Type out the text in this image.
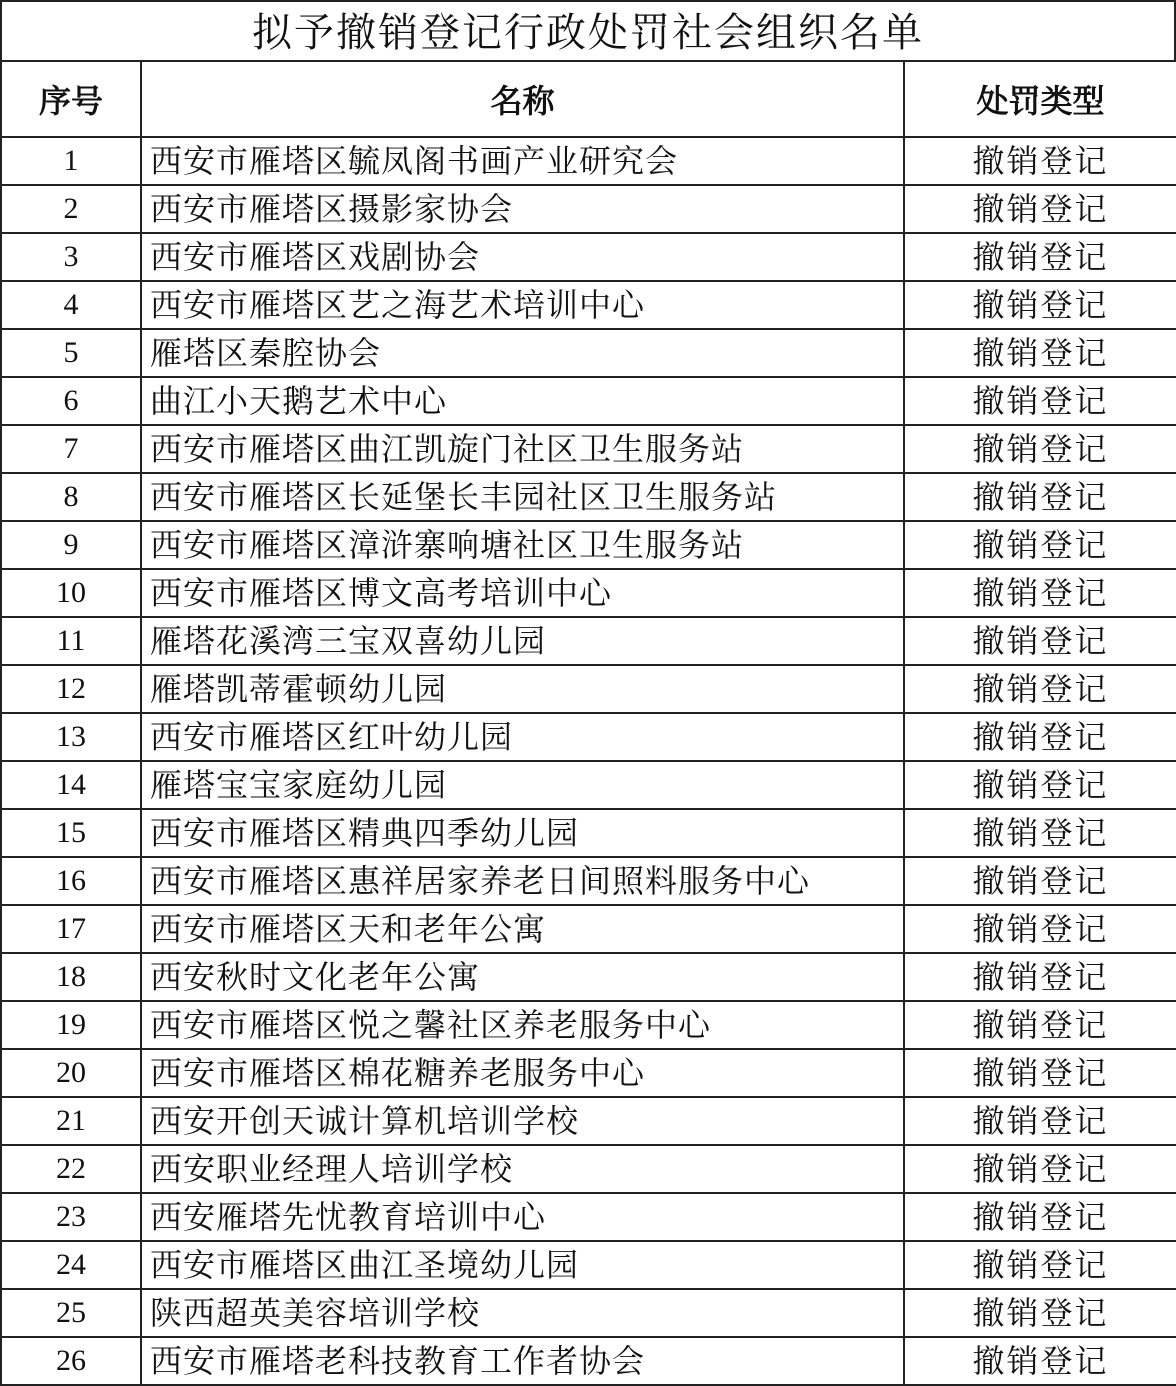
拟予撤销登记行政处罚社会组织名单
序号	名称	处罚类型
1	西安市雁塔区毓凤阁书画产业研究会	撤销登记
2	西安市雁塔区摄影家协会	撤销登记
3	西安市雁塔区戏剧协会	撤销登记
4	西安市雁塔区艺之海艺术培训中心	撤销登记
5	雁塔区秦腔协会	撤销登记
6	曲江小天鹅艺术中心	撤销登记
7	西安市雁塔区曲江凯旋门社区卫生服务站	撤销登记
8	西安市雁塔区长延堡长丰园社区卫生服务站	撤销登记
9	西安市雁塔区漳浒寨响塘社区卫生服务站	撤销登记
10	西安市雁塔区博文高考培训中心	撤销登记
11	雁塔花溪湾三宝双喜幼儿园	撤销登记
12	雁塔凯蒂霍顿幼儿园	撤销登记
13	西安市雁塔区红叶幼儿园	撤销登记
14	雁塔宝宝家庭幼儿园	撤销登记
15	西安市雁塔区精典四季幼儿园	撤销登记
16	西安市雁塔区惠祥居家养老日间照料服务中心	撤销登记
17	西安市雁塔区天和老年公寓	撤销登记
18	西安秋时文化老年公寓	撤销登记
19	西安市雁塔区悦之馨社区养老服务中心	撤销登记
20	西安市雁塔区棉花糖养老服务中心	撤销登记
21	西安开创天诚计算机培训学校	撤销登记
22	西安职业经理人培训学校	撤销登记
23	西安雁塔先忧教育培训中心	撤销登记
24	西安市雁塔区曲江圣境幼儿园	撤销登记
25	陕西超英美容培训学校	撤销登记
26	西安市雁塔老科技教育工作者协会	撤销登记
